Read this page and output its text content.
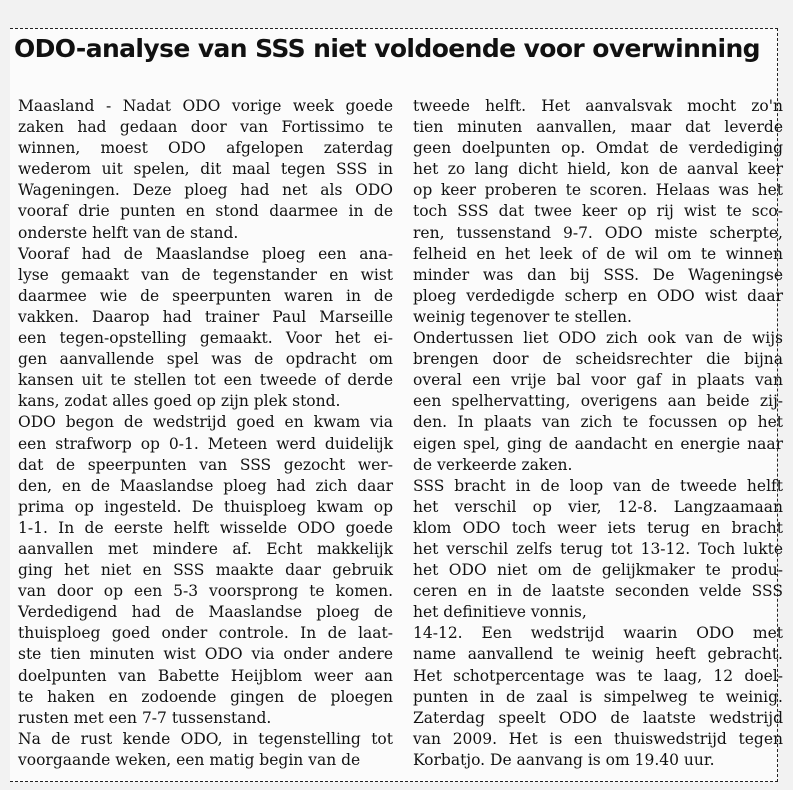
ODO-analyse van SSS niet voldoende voor overwinning
Maasland - Nadat ODO vorige week goede
zaken had gedaan door van Fortissimo te
winnen, moest ODO afgelopen zaterdag
wederom uit spelen, dit maal tegen SSS in
Wageningen. Deze ploeg had net als ODO
vooraf drie punten en stond daarmee in de
onderste helft van de stand.
Vooraf had de Maaslandse ploeg een ana-
lyse gemaakt van de tegenstander en wist
daarmee wie de speerpunten waren in de
vakken. Daarop had trainer Paul Marseille
een tegen-opstelling gemaakt. Voor het ei-
gen aanvallende spel was de opdracht om
kansen uit te stellen tot een tweede of derde
kans, zodat alles goed op zijn plek stond.
ODO begon de wedstrijd goed en kwam via
een strafworp op 0-1. Meteen werd duidelijk
dat de speerpunten van SSS gezocht wer-
den, en de Maaslandse ploeg had zich daar
prima op ingesteld. De thuisploeg kwam op
1-1. In de eerste helft wisselde ODO goede
aanvallen met mindere af. Echt makkelijk
ging het niet en SSS maakte daar gebruik
van door op een 5-3 voorsprong te komen.
Verdedigend had de Maaslandse ploeg de
thuisploeg goed onder controle. In de laat-
ste tien minuten wist ODO via onder andere
doelpunten van Babette Heijblom weer aan
te haken en zodoende gingen de ploegen
rusten met een 7-7 tussenstand.
Na de rust kende ODO, in tegenstelling tot
voorgaande weken, een matig begin van de
tweede helft. Het aanvalsvak mocht zo'n
tien minuten aanvallen, maar dat leverde
geen doelpunten op. Omdat de verdediging
het zo lang dicht hield, kon de aanval keer
op keer proberen te scoren. Helaas was het
toch SSS dat twee keer op rij wist te sco-
ren, tussenstand 9-7. ODO miste scherpte,
felheid en het leek of de wil om te winnen
minder was dan bij SSS. De Wageningse
ploeg verdedigde scherp en ODO wist daar
weinig tegenover te stellen.
Ondertussen liet ODO zich ook van de wijs
brengen door de scheidsrechter die bijna
overal een vrije bal voor gaf in plaats van
een spelhervatting, overigens aan beide zij-
den. In plaats van zich te focussen op het
eigen spel, ging de aandacht en energie naar
de verkeerde zaken.
SSS bracht in de loop van de tweede helft
het verschil op vier, 12-8. Langzaamaan
klom ODO toch weer iets terug en bracht
het verschil zelfs terug tot 13-12. Toch lukte
het ODO niet om de gelijkmaker te produ-
ceren en in de laatste seconden velde SSS
het definitieve vonnis,
14-12. Een wedstrijd waarin ODO met
name aanvallend te weinig heeft gebracht.
Het schotpercentage was te laag, 12 doel-
punten in de zaal is simpelweg te weinig.
Zaterdag speelt ODO de laatste wedstrijd
van 2009. Het is een thuiswedstrijd tegen
Korbatjo. De aanvang is om 19.40 uur.
